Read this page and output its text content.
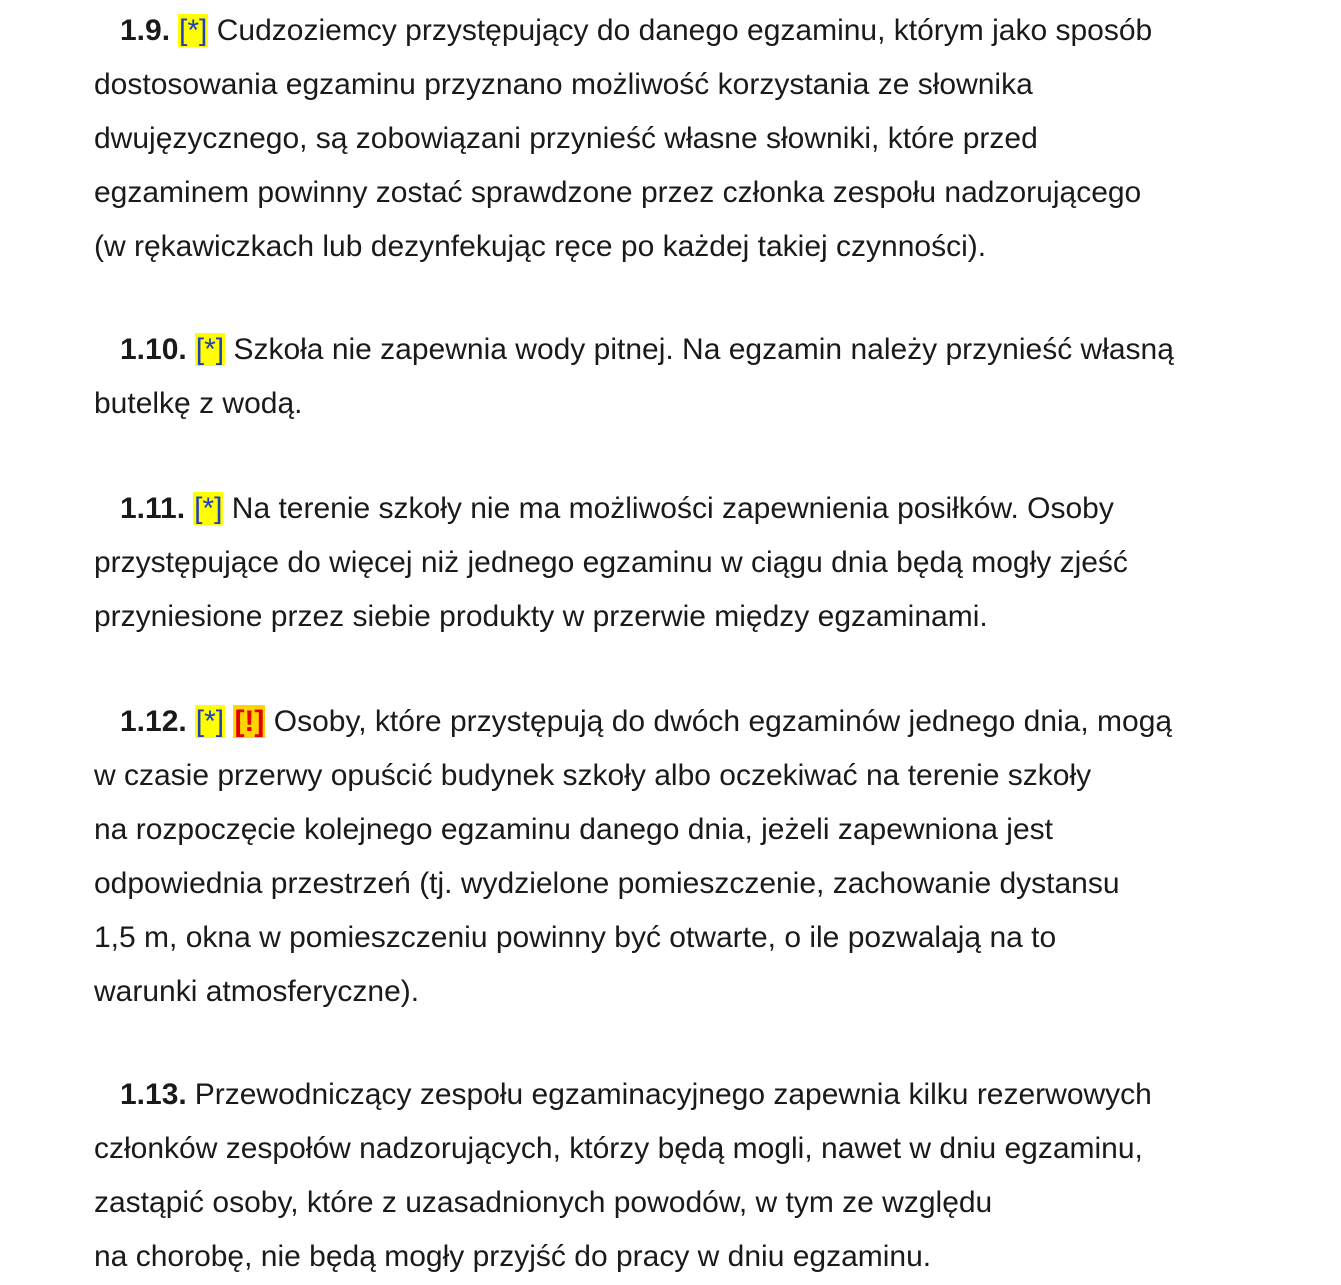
1.9. [*] Cudzoziemcy przystępujący do danego egzaminu, którym jako sposób
dostosowania egzaminu przyznano możliwość korzystania ze słownika
dwujęzycznego, są zobowiązani przynieść własne słowniki, które przed
egzaminem powinny zostać sprawdzone przez członka zespołu nadzorującego
(w rękawiczkach lub dezynfekując ręce po każdej takiej czynności).
1.10. [*] Szkoła nie zapewnia wody pitnej. Na egzamin należy przynieść własną
butelkę z wodą.
1.11. [*] Na terenie szkoły nie ma możliwości zapewnienia posiłków. Osoby
przystępujące do więcej niż jednego egzaminu w ciągu dnia będą mogły zjeść
przyniesione przez siebie produkty w przerwie między egzaminami.
1.12. [*] [!] Osoby, które przystępują do dwóch egzaminów jednego dnia, mogą
w czasie przerwy opuścić budynek szkoły albo oczekiwać na terenie szkoły
na rozpoczęcie kolejnego egzaminu danego dnia, jeżeli zapewniona jest
odpowiednia przestrzeń (tj. wydzielone pomieszczenie, zachowanie dystansu
1,5 m, okna w pomieszczeniu powinny być otwarte, o ile pozwalają na to
warunki atmosferyczne).
1.13. Przewodniczący zespołu egzaminacyjnego zapewnia kilku rezerwowych
członków zespołów nadzorujących, którzy będą mogli, nawet w dniu egzaminu,
zastąpić osoby, które z uzasadnionych powodów, w tym ze względu
na chorobę, nie będą mogły przyjść do pracy w dniu egzaminu.
